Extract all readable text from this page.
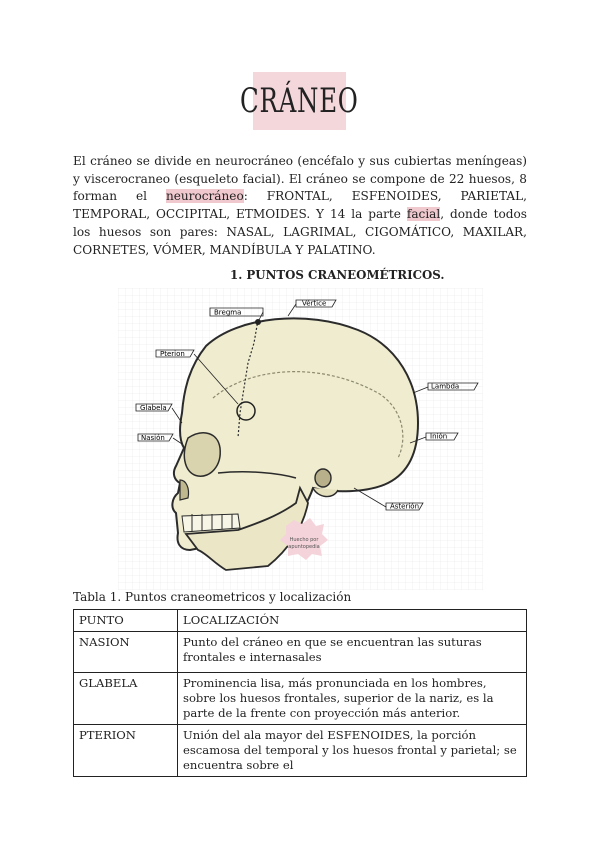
CRÁNEO

El cráneo se divide en neurocráneo (encéfalo y sus cubiertas meníngeas) y viscerocraneo (esqueleto facial). El cráneo se compone de 22 huesos, 8 forman el neurocráneo: FRONTAL, ESFENOIDES, PARIETAL, TEMPORAL, OCCIPITAL, ETMOIDES. Y 14 la parte facial, donde todos los huesos son pares: NASAL, LAGRIMAL, CIGOMÁTICO, MAXILAR, CORNETES, VÓMER, MANDÍBULA Y PALATINO.

1. PUNTOS CRANEOMÉTRICOS.
Bregma
Vértice
Pterion
Lambda
Glabela
Inión
Nasión
Asterión
Huecho por
apuntopedia
Tabla 1. Puntos craneometricos y localización
PUNTO	LOCALIZACIÓN
NASION	Punto del cráneo en que se encuentran las suturas frontales e internasales
GLABELA	Prominencia lisa, más pronunciada en los hombres, sobre los huesos frontales, superior de la nariz, es la parte de la frente con proyección más anterior.
PTERION	Unión del ala mayor del ESFENOIDES, la porción escamosa del temporal y los huesos frontal y parietal; se encuentra sobre el
